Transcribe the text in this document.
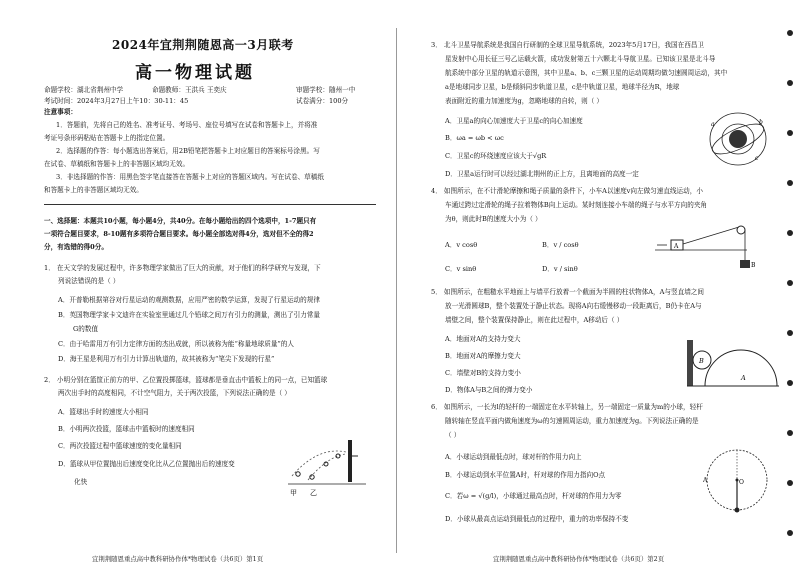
2024年宜荆荆随恩高一3月联考
高一物理试题
命题学校：湖北省荆州中学	命题教师：王洪兵 王奕庆	审题学校：随州一中
考试时间：2024年3月27日上午10：30-11：45	试卷满分：100分
注意事项：
1．答题前，先将自己的姓名、准考证号、考场号、座位号填写在试卷和答题卡上，并将准
考证号条形码粘贴在答题卡上的指定位置。
2．选择题的作答：每小题选出答案后，用2B铅笔把答题卡上对应题目的答案标号涂黑。写
在试卷、草稿纸和答题卡上的非答题区域均无效。
3．非选择题的作答：用黑色签字笔直接答在答题卡上对应的答题区域内。写在试卷、草稿纸
和答题卡上的非答题区域均无效。
一、选择题：本题共10小题，每小题4分，共40分。在每小题给出的四个选项中，1-7题只有
一项符合题目要求，8-10题有多项符合题目要求。每小题全部选对得4分，选对但不全的得2
分，有选错的得0分。
1． 在天文学的发展过程中，许多物理学家做出了巨大的贡献，对于他们的科学研究与发现，下
列说法错误的是（ ）
A．开普勒根据第谷对行星运动的观测数据，应用严密的数学运算，发现了行星运动的规律
B．英国物理学家卡文迪许在实验室里通过几个铅球之间万有引力的测量，测出了引力常量
G的数值
C．由于哈雷用万有引力定律方面的杰出成就，所以被称为能“称量地球质量”的人
D．海王星是利用万有引力计算出轨道的，故其被称为“笔尖下发现的行星”
2． 小明分别在篮筐正前方的甲、乙位置投掷篮球，篮球都是垂直击中篮板上的同一点，已知篮球
两次出手时的高度相同，不计空气阻力，关于两次投篮，下列说法正确的是（ ）
A．篮球出手时的速度大小相同
B．小明两次投篮，篮球击中篮板时的速度相同
C．两次投篮过程中篮球速度的变化量相同
D．篮球从甲位置抛出后速度变化比从乙位置抛出后的速度变
化快
甲 乙
宜荆荆随恩重点高中教科研协作体*物理试卷（共6页）第1页
3． 北斗卫星导航系统是我国自行研制的全球卫星导航系统，2023年5月17日，我国在西昌卫
星发射中心用长征三号乙运载火箭，成功发射第五十六颗北斗导航卫星。已知该卫星是北斗导
航系统中部分卫星的轨道示意图，其中卫星a、b、c三颗卫星的运动周期均做匀速圆周运动，其中
a是地球同步卫星，b是倾斜同步轨道卫星，c是中轨道卫星，地球半径为R，地球
表面附近的重力加速度为g，忽略地球的自转，则（ ）
A．卫星a的向心加速度大于卫星c的向心加速度
B．ωa = ωb < ωc
C．卫星c的环绕速度应该大于√gR
D．卫星a运行时可以经过湖北荆州的正上方，且离地面的高度一定
a	b
c
4． 如图所示，在不计滑轮摩擦和绳子质量的条件下，小车A以速度v向左做匀速直线运动，小
车通过跨过定滑轮的绳子拉着物体B向上运动。某时刻连接小车端的绳子与水平方向的夹角
为θ，则此时B的速度大小为（ ）
A．v cosθ	B．v / cosθ
C．v sinθ	D．v / sinθ
A
B
5． 如图所示，在粗糙水平地面上与墙平行放着一个截面为半圆的柱状物体A，A与竖直墙之间
放一光滑圆球B，整个装置处于静止状态。现将A向右缓慢移动一段距离后，B仍卡在A与
墙壁之间，整个装置保持静止，则在此过程中，A移动后（ ）
A．地面对A的支持力变大
B．地面对A的摩擦力变大
C．墙壁对B的支持力变小
D．物体A与B之间的弹力变小
B
A
6． 如图所示，一长为l的轻杆的一端固定在水平转轴上，另一端固定一质量为m的小球，轻杆
随转轴在竖直平面内做角速度为ω的匀速圆周运动，重力加速度为g。下列说法正确的是
（ ）
A．小球运动到最低点时，球对杆的作用力向上
B．小球运动到水平位置A时，杆对球的作用力指向O点
C．若ω = √(g/l)，小球通过最高点时，杆对球的作用力为零
D．小球从最高点运动到最低点的过程中，重力的功率保持不变
O
A
宜荆荆随恩重点高中教科研协作体*物理试卷（共6页）第2页
